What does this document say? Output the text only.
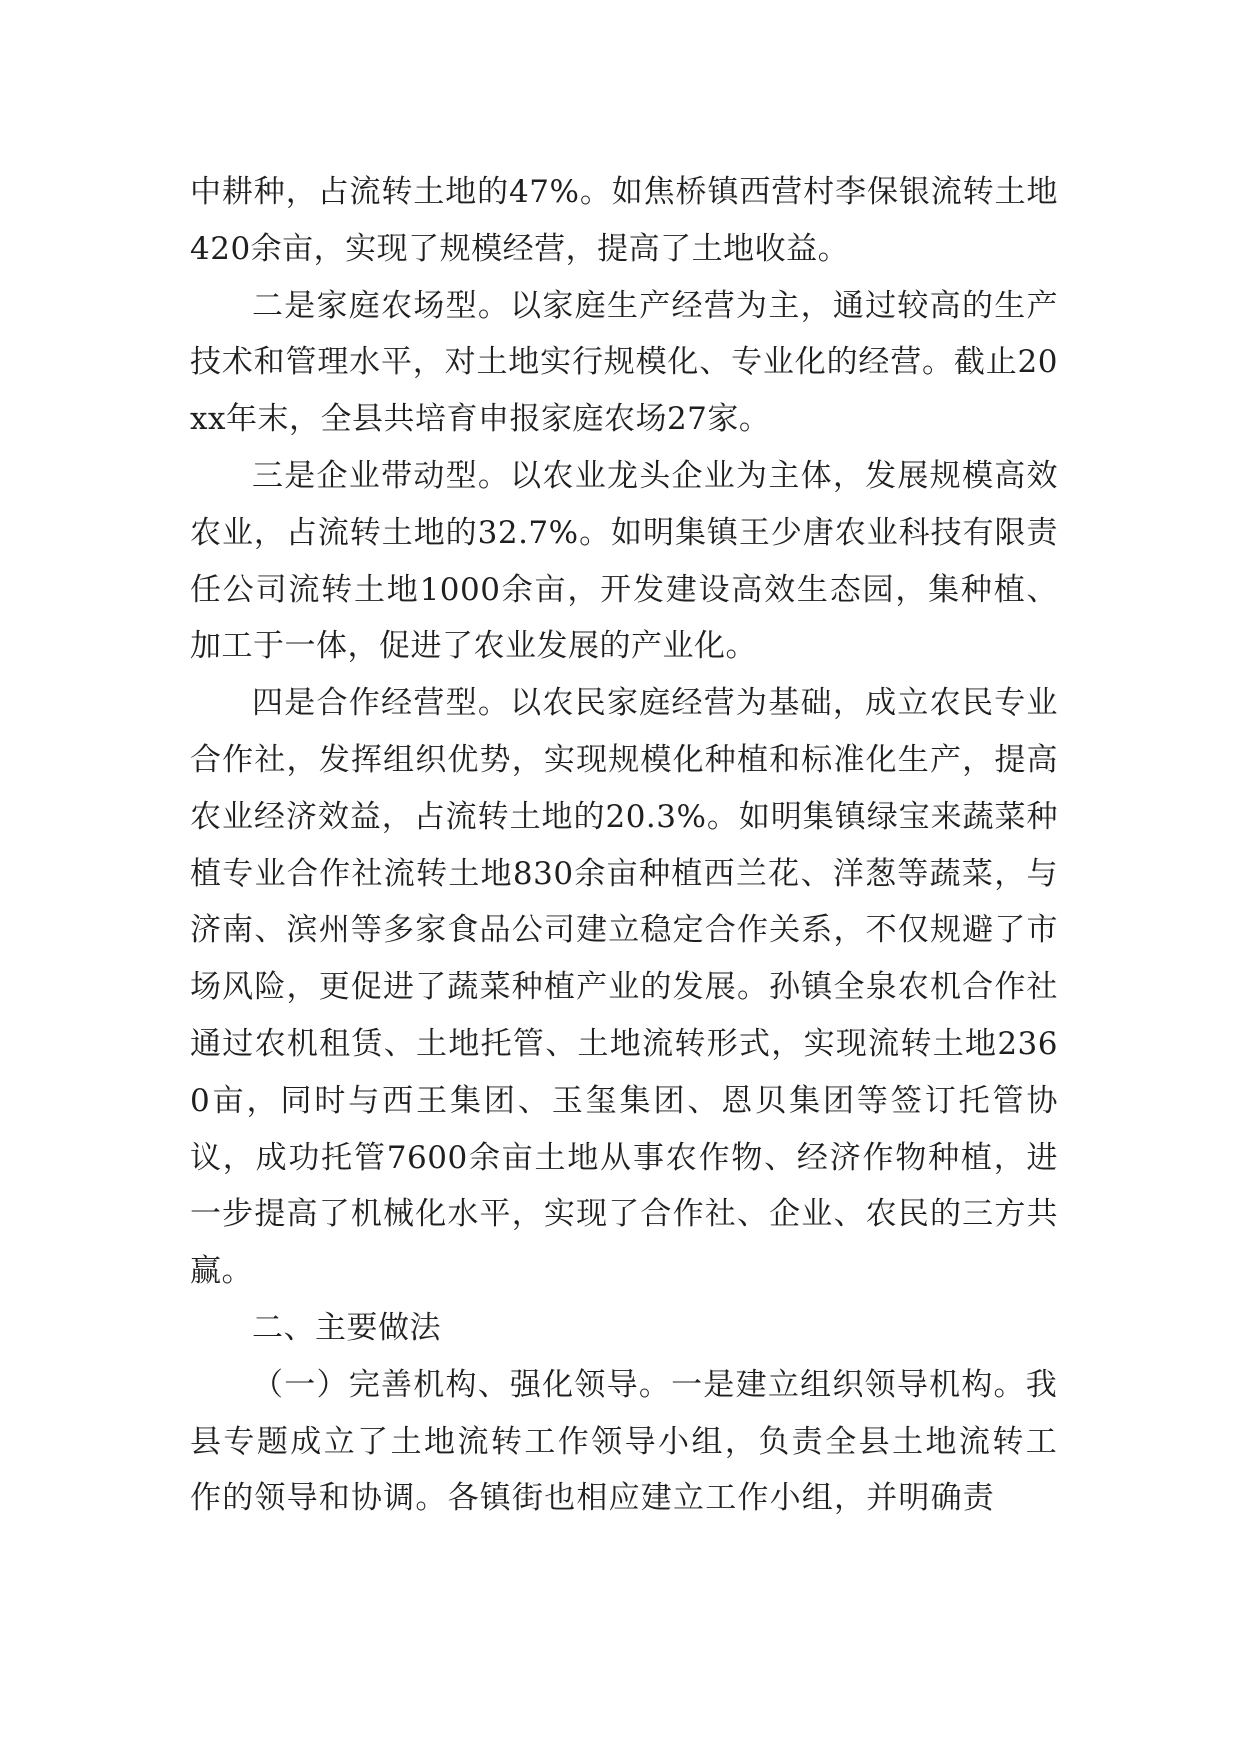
中耕种，占流转土地的47%。如焦桥镇西营村李保银流转土地420余亩，实现了规模经营，提高了土地收益。

二是家庭农场型。以家庭生产经营为主，通过较高的生产技术和管理水平，对土地实行规模化、专业化的经营。截止20xx年末，全县共培育申报家庭农场27家。

三是企业带动型。以农业龙头企业为主体，发展规模高效农业，占流转土地的32.7%。如明集镇王少唐农业科技有限责任公司流转土地1000余亩，开发建设高效生态园，集种植、加工于一体，促进了农业发展的产业化。

四是合作经营型。以农民家庭经营为基础，成立农民专业合作社，发挥组织优势，实现规模化种植和标准化生产，提高农业经济效益，占流转土地的20.3%。如明集镇绿宝来蔬菜种植专业合作社流转土地830余亩种植西兰花、洋葱等蔬菜，与济南、滨州等多家食品公司建立稳定合作关系，不仅规避了市场风险，更促进了蔬菜种植产业的发展。孙镇全泉农机合作社通过农机租赁、土地托管、土地流转形式，实现流转土地2360亩，同时与西王集团、玉玺集团、恩贝集团等签订托管协议，成功托管7600余亩土地从事农作物、经济作物种植，进一步提高了机械化水平，实现了合作社、企业、农民的三方共赢。

二、主要做法

（一）完善机构、强化领导。一是建立组织领导机构。我县专题成立了土地流转工作领导小组，负责全县土地流转工作的领导和协调。各镇街也相应建立工作小组，并明确责
